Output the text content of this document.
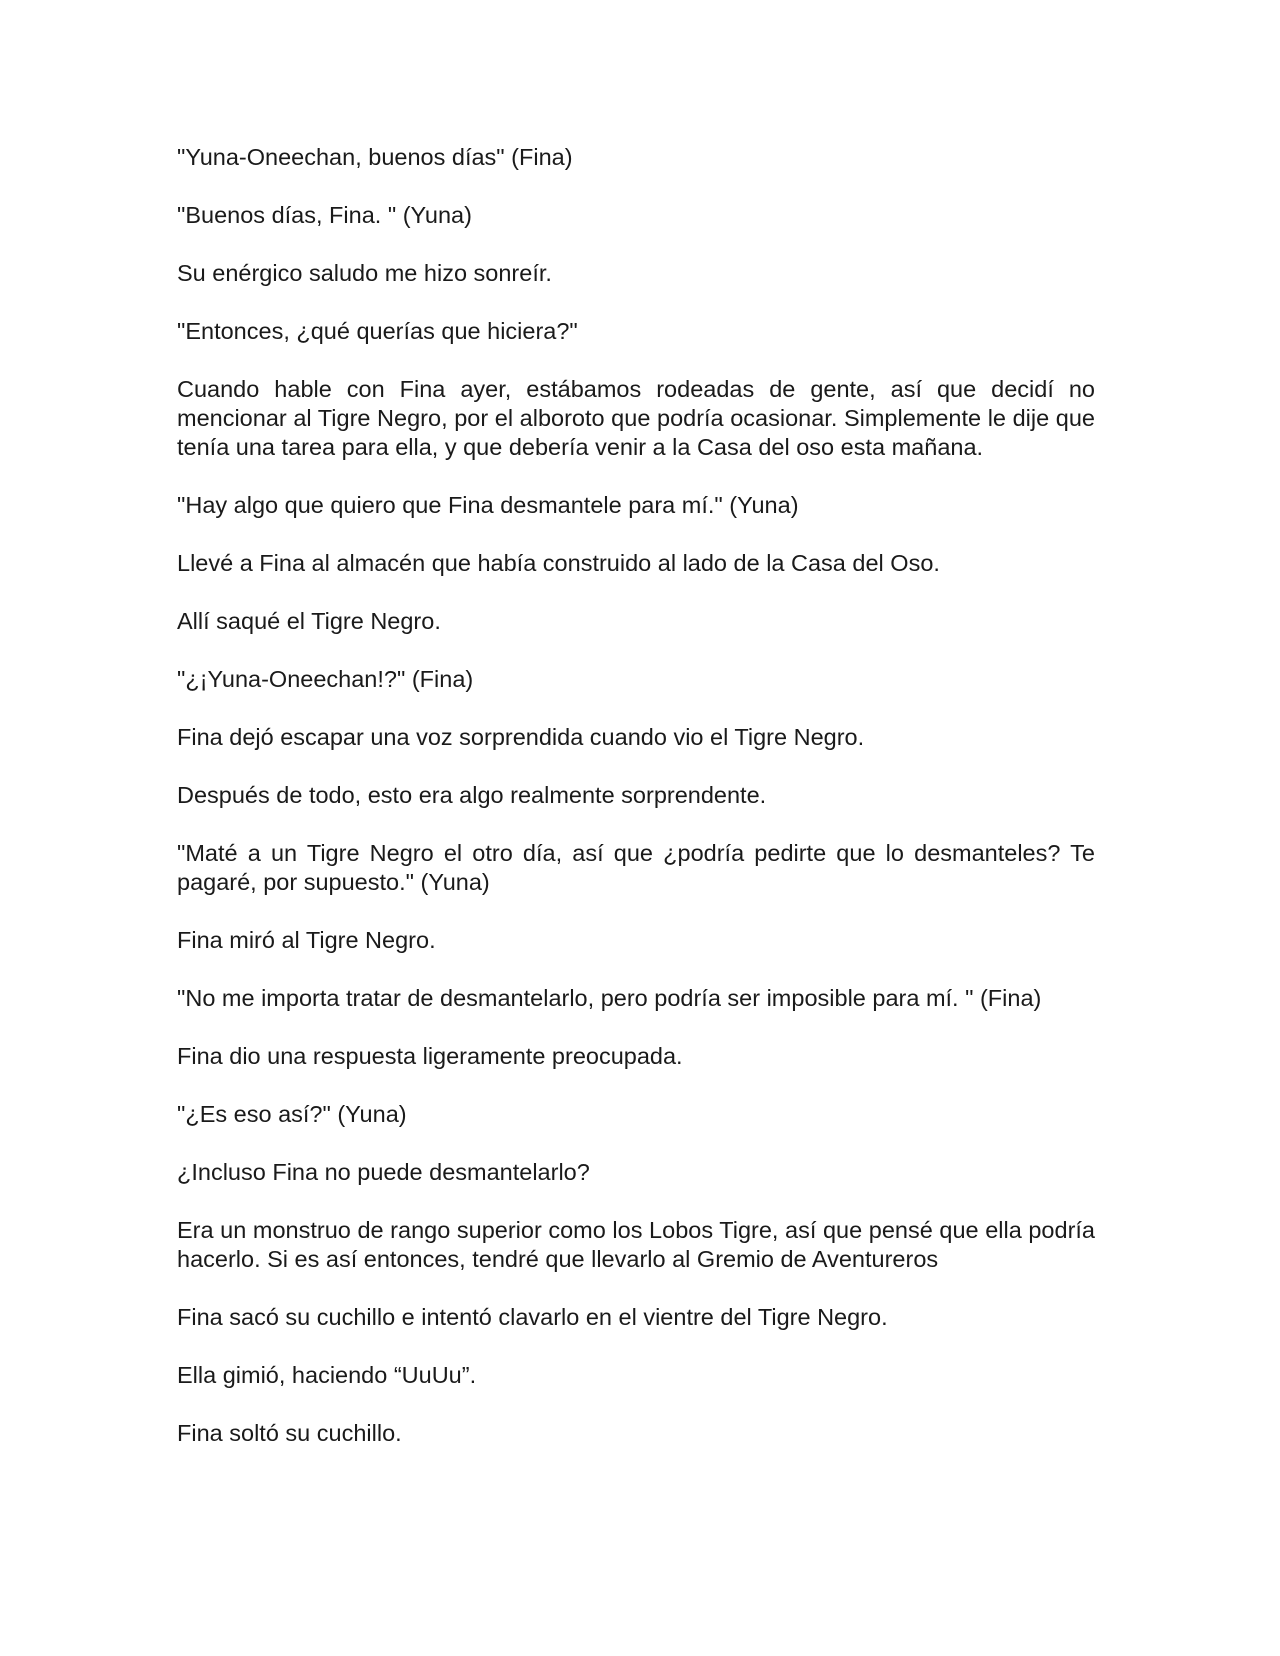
"Yuna-Oneechan, buenos días" (Fina)

"Buenos días, Fina. " (Yuna)

Su enérgico saludo me hizo sonreír.

"Entonces, ¿qué querías que hiciera?"

Cuando hable con Fina ayer, estábamos rodeadas de gente, así que decidí no mencionar al Tigre Negro, por el alboroto que podría ocasionar. Simplemente le dije que tenía una tarea para ella, y que debería venir a la Casa del oso esta mañana.

"Hay algo que quiero que Fina desmantele para mí." (Yuna)

Llevé a Fina al almacén que había construido al lado de la Casa del Oso.

Allí saqué el Tigre Negro.

"¿¡Yuna-Oneechan!?" (Fina)

Fina dejó escapar una voz sorprendida cuando vio el Tigre Negro.

Después de todo, esto era algo realmente sorprendente.

"Maté a un Tigre Negro el otro día, así que ¿podría pedirte que lo desmanteles? Te pagaré, por supuesto." (Yuna)

Fina miró al Tigre Negro.

"No me importa tratar de desmantelarlo, pero podría ser imposible para mí. " (Fina)

Fina dio una respuesta ligeramente preocupada.

"¿Es eso así?" (Yuna)

¿Incluso Fina no puede desmantelarlo?

Era un monstruo de rango superior como los Lobos Tigre, así que pensé que ella podría hacerlo. Si es así entonces, tendré que llevarlo al Gremio de Aventureros

Fina sacó su cuchillo e intentó clavarlo en el vientre del Tigre Negro.

Ella gimió, haciendo “UuUu”.

Fina soltó su cuchillo.
